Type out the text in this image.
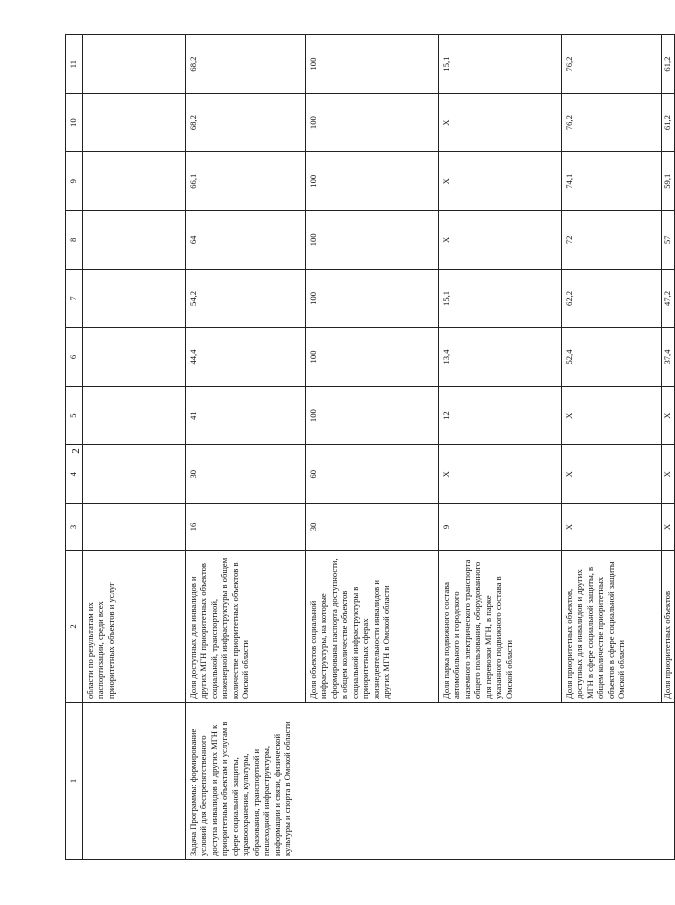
2
1	2	3	4	5	6	7	8	9	10	11
	области по результатам их паспортизации, среди всех приоритетных объектов и услуг									
Задача Программы: формирование условий для беспрепятственного доступа инвалидов и других МГН к приоритетным объектам и услугам в сфере социальной защиты, здравоохранения, культуры, образования, транспортной и пешеходной инфраструктуры, информации и связи, физической культуры и спорта в Омской области	Доля доступных для инвалидов и других МГН приоритетных объектов социальной, транспортной, инженерной инфраструктуры в общем количестве приоритетных объектов в Омской области	16	30	41	44,4	54,2	64	66,1	68,2	68,2
	Доля объектов социальной инфраструктуры, на которые сформированы паспорта доступности, в общем количестве объектов социальной инфраструктуры в приоритетных сферах жизнедеятельности инвалидов и других МГН в Омской области	30	60	100	100	100	100	100	100	100
	Доля парка подвижного состава автомобильного и городского наземного электрического транспорта общего пользования, оборудованного для перевозки МГН, в парке указанного подвижного состава в Омской области	9	Х	12	13,4	15,1	Х	Х	Х	15,1
	Доля приоритетных объектов, доступных для инвалидов и других МГН в сфере социальной защиты, в общем количестве приоритетных объектов в сфере социальной защиты Омской области	Х	Х	Х	52,4	62,2	72	74,1	76,2	76,2
	Доля приоритетных объектов	Х	Х	Х	37,4	47,2	57	59,1	61,2	61,2
